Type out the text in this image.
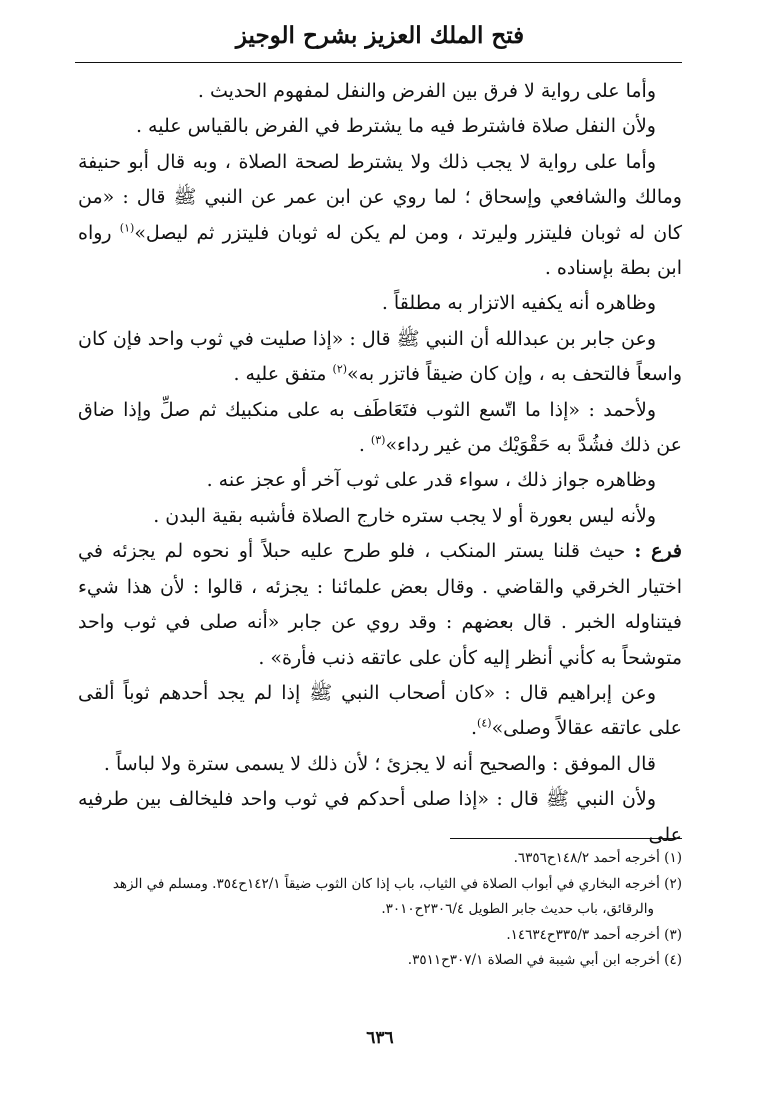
فتح الملك العزيز بشرح الوجيز

وأما على رواية لا فرق بين الفرض والنفل لمفهوم الحديث .

ولأن النفل صلاة فاشترط فيه ما يشترط في الفرض بالقياس عليه .

وأما على رواية لا يجب ذلك ولا يشترط لصحة الصلاة ، وبه قال أبو حنيفة ومالك والشافعي وإسحاق ؛ لما روي عن ابن عمر عن النبي ﷺ قال : «من كان له ثوبان فليتزر وليرتد ، ومن لم يكن له ثوبان فليتزر ثم ليصل»$^{(١)}$ رواه ابن بطة بإسناده .

وظاهره أنه يكفيه الاتزار به مطلقاً .

وعن جابر بن عبدالله أن النبي ﷺ قال : «إذا صليت في ثوب واحد فإن كان واسعاً فالتحف به ، وإن كان ضيقاً فاتزر به»$^{(٢)}$ متفق عليه .

ولأحمد : «إذا ما اتّسع الثوب فتَعَاطَف به على منكبيك ثم صلِّ وإذا ضاق عن ذلك فشُدَّ به حَقْوَيْك من غير رداء»$^{(٣)}$ .

وظاهره جواز ذلك ، سواء قدر على ثوب آخر أو عجز عنه .

ولأنه ليس بعورة أو لا يجب ستره خارج الصلاة فأشبه بقية البدن .

فرع : حيث قلنا يستر المنكب ، فلو طرح عليه حبلاً أو نحوه لم يجزئه في اختيار الخرقي والقاضي . وقال بعض علمائنا : يجزئه ، قالوا : لأن هذا شيء فيتناوله الخبر . قال بعضهم : وقد روي عن جابر «أنه صلى في ثوب واحد متوشحاً به كأني أنظر إليه كأن على عاتقه ذنب فأرة» .

وعن إبراهيم قال : «كان أصحاب النبي ﷺ إذا لم يجد أحدهم ثوباً ألقى على عاتقه عقالاً وصلى»$^{(٤)}$.

قال الموفق : والصحيح أنه لا يجزئ ؛ لأن ذلك لا يسمى سترة ولا لباساً .

ولأن النبي ﷺ قال : «إذا صلى أحدكم في ثوب واحد فليخالف بين طرفيه على

(١) أخرجه أحمد ١٤٨/٢ح٦٣٥٦.
(٢) أخرجه البخاري في أبواب الصلاة في الثياب، باب إذا كان الثوب ضيقاً ١٤٢/١ح٣٥٤. ومسلم في الزهد
والرقائق، باب حديث جابر الطويل ٢٣٠٦/٤ح٣٠١٠.
(٣) أخرجه أحمد ٣٣٥/٣ح١٤٦٣٤.
(٤) أخرجه ابن أبي شيبة في الصلاة ٣٠٧/١ح٣٥١١.
٦٣٦
